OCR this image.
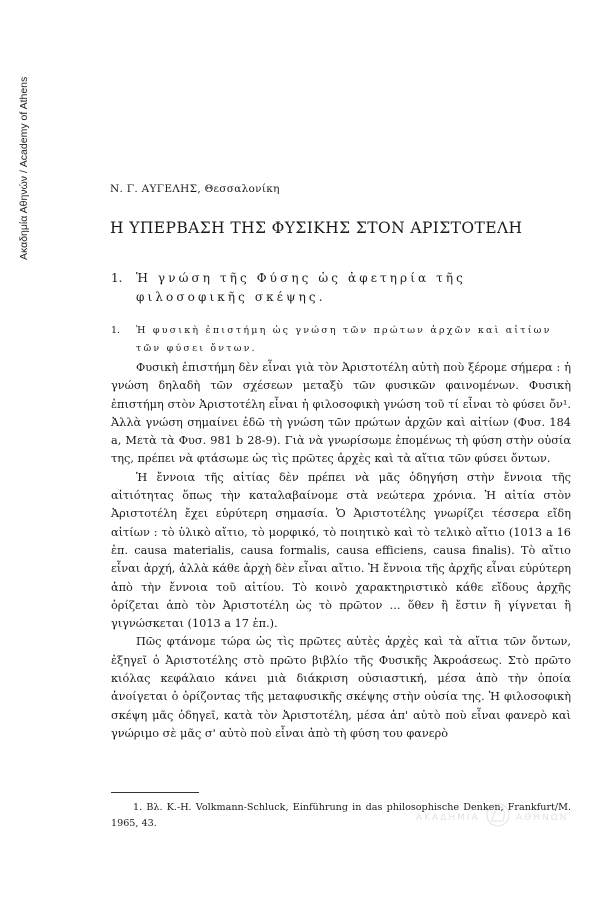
Ακαδημία Αθηνών / Academy of Athens	Ν. Γ. ΑΥΓΕΛΗΣ, Θεσσαλονίκη
Η ΥΠΕΡΒΑΣΗ ΤΗΣ ΦΥΣΙΚΗΣ ΣΤΟΝ ΑΡΙΣΤΟΤΕΛΗ
1. Ἡ γνώση τῆς Φύσης ὡς ἀφετηρία τῆς φιλοσοφικῆς σκέψης.
1. Ἡ φυσικὴ ἐπιστήμη ὡς γνώση τῶν πρώτων ἀρχῶν καὶ αἰτίων τῶν φύσει ὄντων.

Φυσικὴ ἐπιστήμη δὲν εἶναι γιὰ τὸν Ἀριστοτέλη αὐτὴ ποὺ ξέρομε σήμερα : ἡ γνώση δηλαδὴ τῶν σχέσεων μεταξὺ τῶν φυσικῶν φαινομένων. Φυσικὴ ἐπιστήμη στὸν Ἀριστοτέλη εἶναι ἡ φιλοσοφικὴ γνώση τοῦ τί εἶναι τὸ φύσει ὄν¹. Ἀλλὰ γνώση σημαίνει ἐδῶ τὴ γνώση τῶν πρώτων ἀρχῶν καὶ αἰτίων (Φυσ. 184 a, Μετὰ τὰ Φυσ. 981 b 28-9). Γιὰ νὰ γνωρίσωμε ἑπομένως τὴ φύση στὴν οὐσία της, πρέπει νὰ φτάσωμε ὡς τὶς πρῶτες ἀρχὲς καὶ τὰ αἴτια τῶν φύσει ὄντων.

Ἡ ἔννοια τῆς αἰτίας δὲν πρέπει νὰ μᾶς ὁδηγήση στὴν ἔννοια τῆς αἰτιότητας ὅπως τὴν καταλαβαίνομε στὰ νεώτερα χρόνια. Ἡ αἰτία στὸν Ἀριστοτέλη ἔχει εὐρύτερη σημασία. Ὁ Ἀριστοτέλης γνωρίζει τέσσερα εἴδη αἰτίων : τὸ ὑλικὸ αἴτιο, τὸ μορφικό, τὸ ποιητικὸ καὶ τὸ τελικὸ αἴτιο (1013 a 16 ἑπ. causa materialis, causa formalis, causa efficiens, causa finalis). Τὸ αἴτιο εἶναι ἀρχή, ἀλλὰ κάθε ἀρχὴ δὲν εἶναι αἴτιο. Ἡ ἔννοια τῆς ἀρχῆς εἶναι εὐρύτερη ἀπὸ τὴν ἔννοια τοῦ αἰτίου. Τὸ κοινὸ χαρακτηριστικὸ κάθε εἴδους ἀρχῆς ὁρίζεται ἀπὸ τὸν Ἀριστοτέλη ὡς τὸ πρῶτον ... ὅθεν ἢ ἔστιν ἢ γίγνεται ἢ γιγνώσκεται (1013 a 17 ἑπ.).

Πῶς φτάνομε τώρα ὡς τὶς πρῶτες αὐτὲς ἀρχὲς καὶ τὰ αἴτια τῶν ὄντων, ἐξηγεῖ ὁ Ἀριστοτέλης στὸ πρῶτο βιβλίο τῆς Φυσικῆς Ἀκροάσεως. Στὸ πρῶτο κιόλας κεφάλαιο κάνει μιὰ διάκριση οὐσιαστική, μέσα ἀπὸ τὴν ὁποία ἀνοίγεται ὁ ὁρίζοντας τῆς μεταφυσικῆς σκέψης στὴν οὐσία της. Ἡ φιλοσοφικὴ σκέψη μᾶς ὁδηγεῖ, κατὰ τὸν Ἀριστοτέλη, μέσα ἀπ' αὐτὸ ποὺ εἶναι φανερὸ καὶ γνώριμο σὲ μᾶς σ' αὐτὸ ποὺ εἶναι ἀπὸ τὴ φύση του φανερὸ

1. Βλ. K.-H. Volkmann-Schluck, Einführung in das philosophische Denken, Frankfurt/M. 1965, 43.	ΑΚΑΔΗΜΙΑ	ΑΘΗΝΩΝ
